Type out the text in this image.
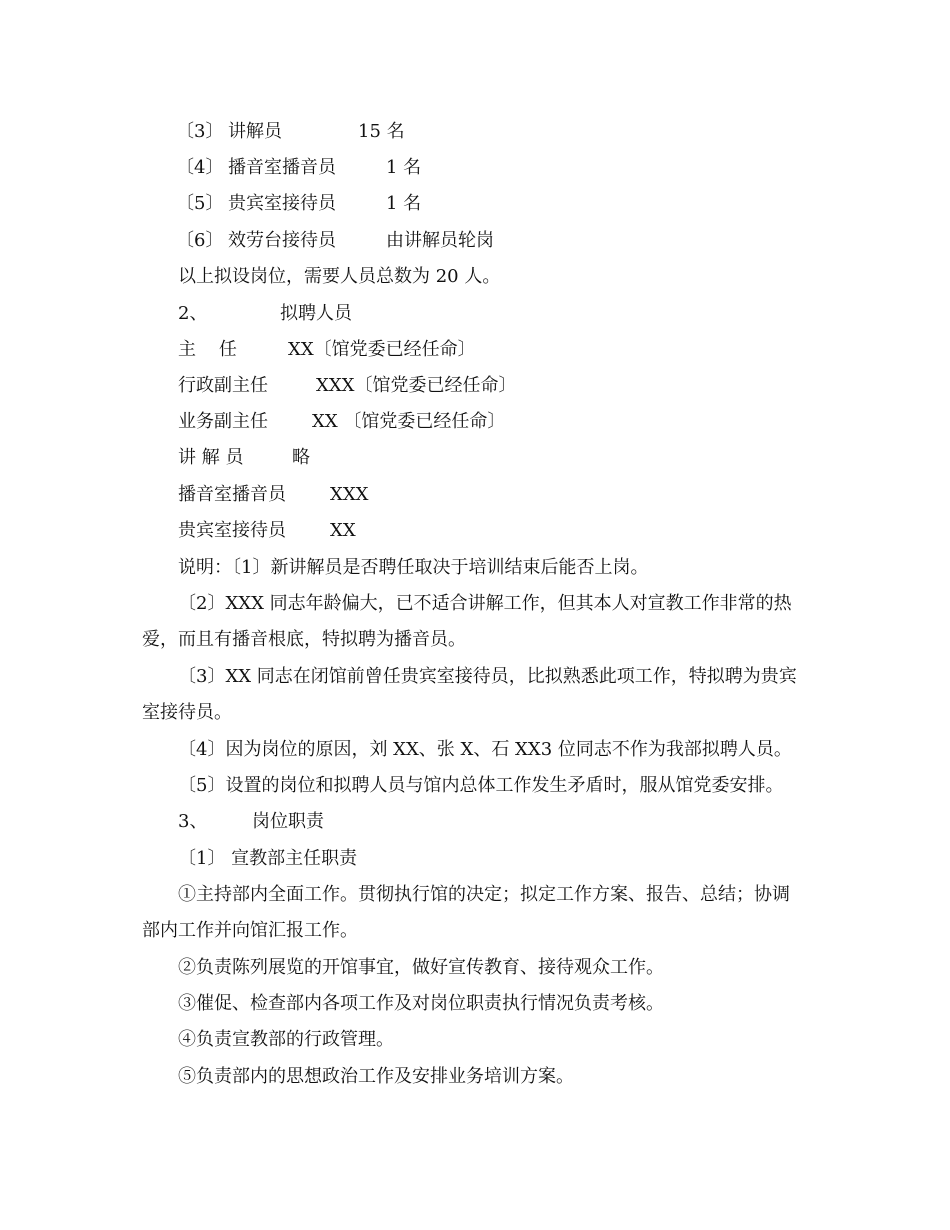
〔3〕 讲解员	15 名
〔4〕 播音室播音员	1 名
〔5〕 贵宾室接待员	1 名
〔6〕 效劳台接待员	由讲解员轮岗
以上拟设岗位，需要人员总数为 20 人。
2、	拟聘人员
主    任	XX〔馆党委已经任命〕
行政副主任	XXX〔馆党委已经任命〕
业务副主任 XX 〔馆党委已经任命〕
讲 解 员	略
播音室播音员 XXX
贵宾室接待员 XX
说明：〔1〕新讲解员是否聘任取决于培训结束后能否上岗。
〔2〕XXX 同志年龄偏大，已不适合讲解工作，但其本人对宣教工作非常的热
爱，而且有播音根底，特拟聘为播音员。
〔3〕XX 同志在闭馆前曾任贵宾室接待员，比拟熟悉此项工作，特拟聘为贵宾
室接待员。
〔4〕因为岗位的原因，刘 XX、张 X、石 XX3 位同志不作为我部拟聘人员。
〔5〕设置的岗位和拟聘人员与馆内总体工作发生矛盾时，服从馆党委安排。
3、 岗位职责
〔1〕 宣教部主任职责
①主持部内全面工作。贯彻执行馆的决定；拟定工作方案、报告、总结；协调
部内工作并向馆汇报工作。
②负责陈列展览的开馆事宜，做好宣传教育、接待观众工作。
③催促、检查部内各项工作及对岗位职责执行情况负责考核。
④负责宣教部的行政管理。
⑤负责部内的思想政治工作及安排业务培训方案。
